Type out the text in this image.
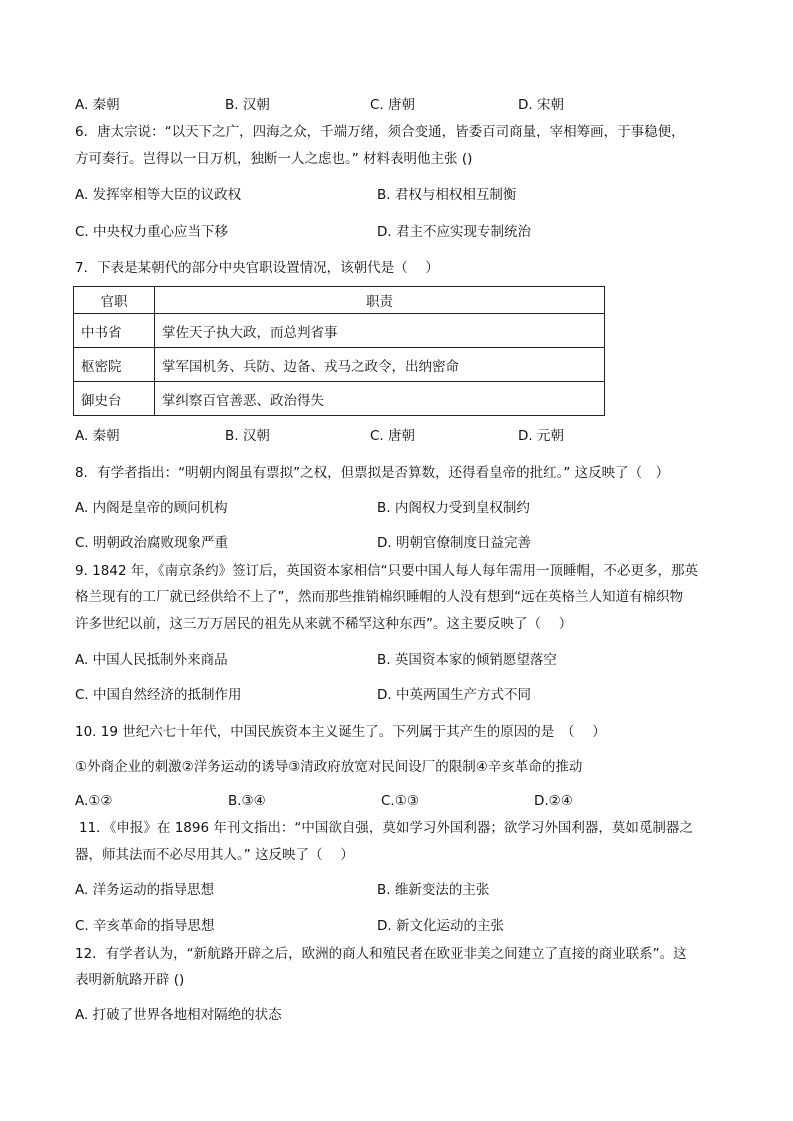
A. 秦朝	B. 汉朝	C. 唐朝	D. 宋朝
6．唐太宗说：“以天下之广，四海之众，千端万绪，须合变通，皆委百司商量，宰相筹画，于事稳便，
方可奏行。岂得以一日万机，独断一人之虑也。” 材料表明他主张 ()
A. 发挥宰相等大臣的议政权	B. 君权与相权相互制衡
C. 中央权力重心应当下移	D. 君主不应实现专制统治
7．下表是某朝代的部分中央官职设置情况，该朝代是（　 ）
官职	职责
中书省	掌佐天子执大政，而总判省事
枢密院	掌军国机务、兵防、边备、戎马之政令，出纳密命
御史台	掌纠察百官善恶、政治得失
A. 秦朝	B. 汉朝	C. 唐朝	D. 元朝
8．有学者指出：“明朝内阁虽有票拟”之权，但票拟是否算数，还得看皇帝的批红。” 这反映了（　）
A. 内阁是皇帝的顾问机构	B. 内阁权力受到皇权制约
C. 明朝政治腐败现象严重	D. 明朝官僚制度日益完善
9. 1842 年，《南京条约》签订后，英国资本家相信“只要中国人每人每年需用一顶睡帽，不必更多，那英
格兰现有的工厂就已经供给不上了”，然而那些推销棉织睡帽的人没有想到“远在英格兰人知道有棉织物
许多世纪以前，这三万万居民的祖先从来就不稀罕这种东西”。这主要反映了（　 ）
A. 中国人民抵制外来商品	B. 英国资本家的倾销愿望落空
C. 中国自然经济的抵制作用	D. 中英两国生产方式不同
10. 19 世纪六七十年代，中国民族资本主义诞生了。下列属于其产生的原因的是　（　 ）
①外商企业的刺激②洋务运动的诱导③清政府放宽对民间设厂的限制④辛亥革命的推动
A.①②	B.③④	C.①③	D.②④
11．《申报》在 1896 年刊文指出：“中国欲自强，莫如学习外国利器；欲学习外国利器，莫如觅制器之
器，师其法而不必尽用其人。” 这反映了（　 ）
A. 洋务运动的指导思想	B. 维新变法的主张
C. 辛亥革命的指导思想	D. 新文化运动的主张
12．有学者认为，“新航路开辟之后，欧洲的商人和殖民者在欧亚非美之间建立了直接的商业联系”。这
表明新航路开辟 ()
A. 打破了世界各地相对隔绝的状态
